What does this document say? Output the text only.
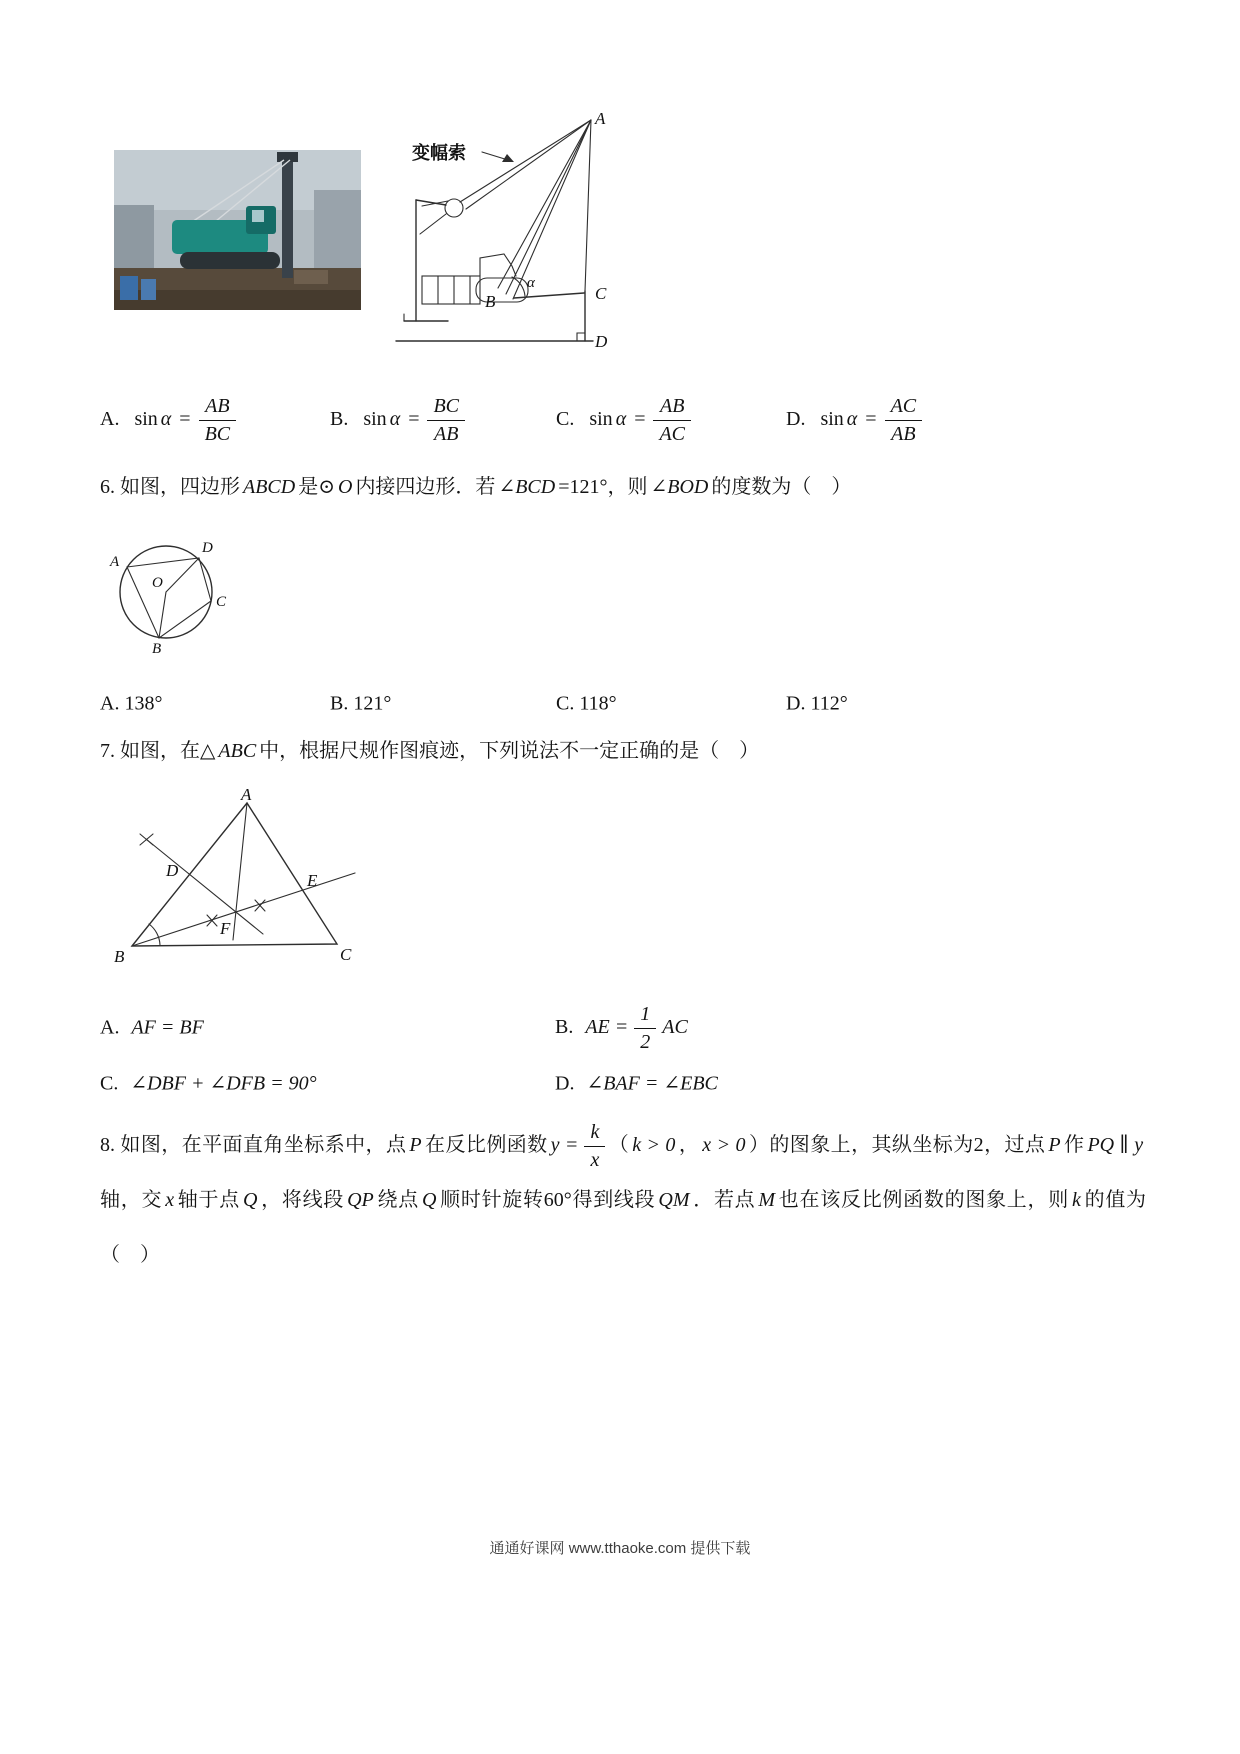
变幅索
A
B	C
D
α
A. $\sin \alpha = \frac{AB}{BC}$	B. $\sin \alpha = \frac{BC}{AB}$	C. $\sin \alpha = \frac{AB}{AC}$	D. $\sin \alpha = \frac{AC}{AB}$

6. 如图，四边形 ABCD 是⊙ O 内接四边形．若 ∠BCD =121°，则 ∠BOD 的度数为（　）

A
D
O
C
B
A. 138°	B. 121°	C. 118°	D. 112°

7. 如图，在△ ABC 中，根据尺规作图痕迹，下列说法不一定正确的是（　）

A
B	C
D
E
F
A. AF = BF	B. AE = $\frac{1}{2}$ AC
C. ∠DBF + ∠DFB = 90°	D. ∠BAF = ∠EBC

8. 如图，在平面直角坐标系中，点 P 在反比例函数 $y = \frac{k}{x}$ （ k > 0 ， x > 0 ）的图象上，其纵坐标为2，过点 P 作 PQ ∥ y轴，交 x 轴于点 Q ，将线段 QP 绕点 Q 顺时针旋转60°得到线段 QM ．若点 M 也在该反比例函数的图象上，则 k 的值为（　）

通通好课网 www.tthaoke.com 提供下载
